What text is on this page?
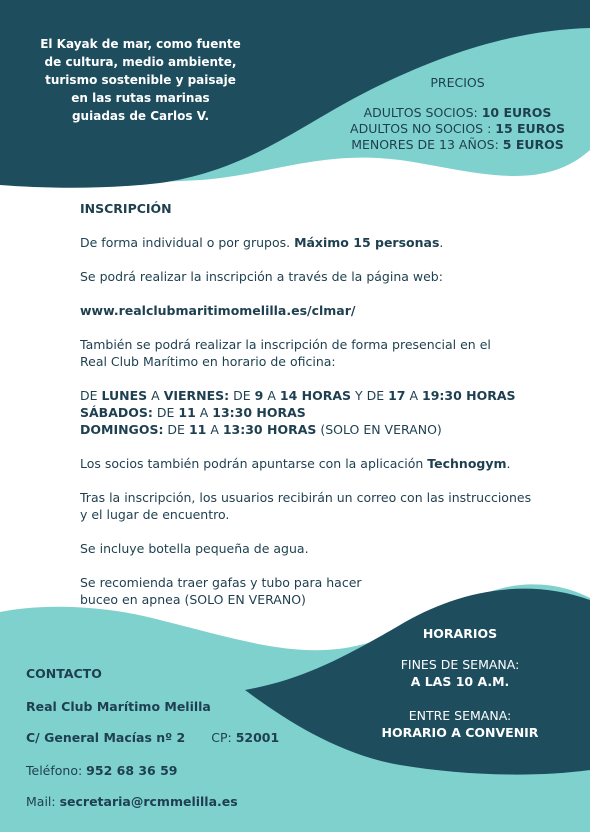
El Kayak de mar, como fuente
de cultura, medio ambiente,
turismo sostenible y paisaje
en las rutas marinas
guiadas de Carlos V.
PRECIOS
ADULTOS SOCIOS: 10 EUROS
ADULTOS NO SOCIOS : 15 EUROS
MENORES DE 13 AÑOS: 5 EUROS
INSCRIPCIÓN

De forma individual o por grupos. Máximo 15 personas.

Se podrá realizar la inscripción a través de la página web:

www.realclubmaritimomelilla.es/clmar/

También se podrá realizar la inscripción de forma presencial en el
Real Club Marítimo en horario de oficina:

DE LUNES A VIERNES: DE 9 A 14 HORAS Y DE 17 A 19:30 HORAS
SÁBADOS: DE 11 A 13:30 HORAS
DOMINGOS: DE 11 A 13:30 HORAS (SOLO EN VERANO)

Los socios también podrán apuntarse con la aplicación Technogym.

Tras la inscripción, los usuarios recibirán un correo con las instrucciones
y el lugar de encuentro.

Se incluye botella pequeña de agua.

Se recomienda traer gafas y tubo para hacer
buceo en apnea (SOLO EN VERANO)

CONTACTO
Real Club Marítimo Melilla
C/ General Macías nº 2 CP: 52001
Teléfono: 952 68 36 59
Mail: secretaria@rcmmelilla.es
HORARIOS
FINES DE SEMANA:
A LAS 10 A.M.
ENTRE SEMANA:
HORARIO A CONVENIR
